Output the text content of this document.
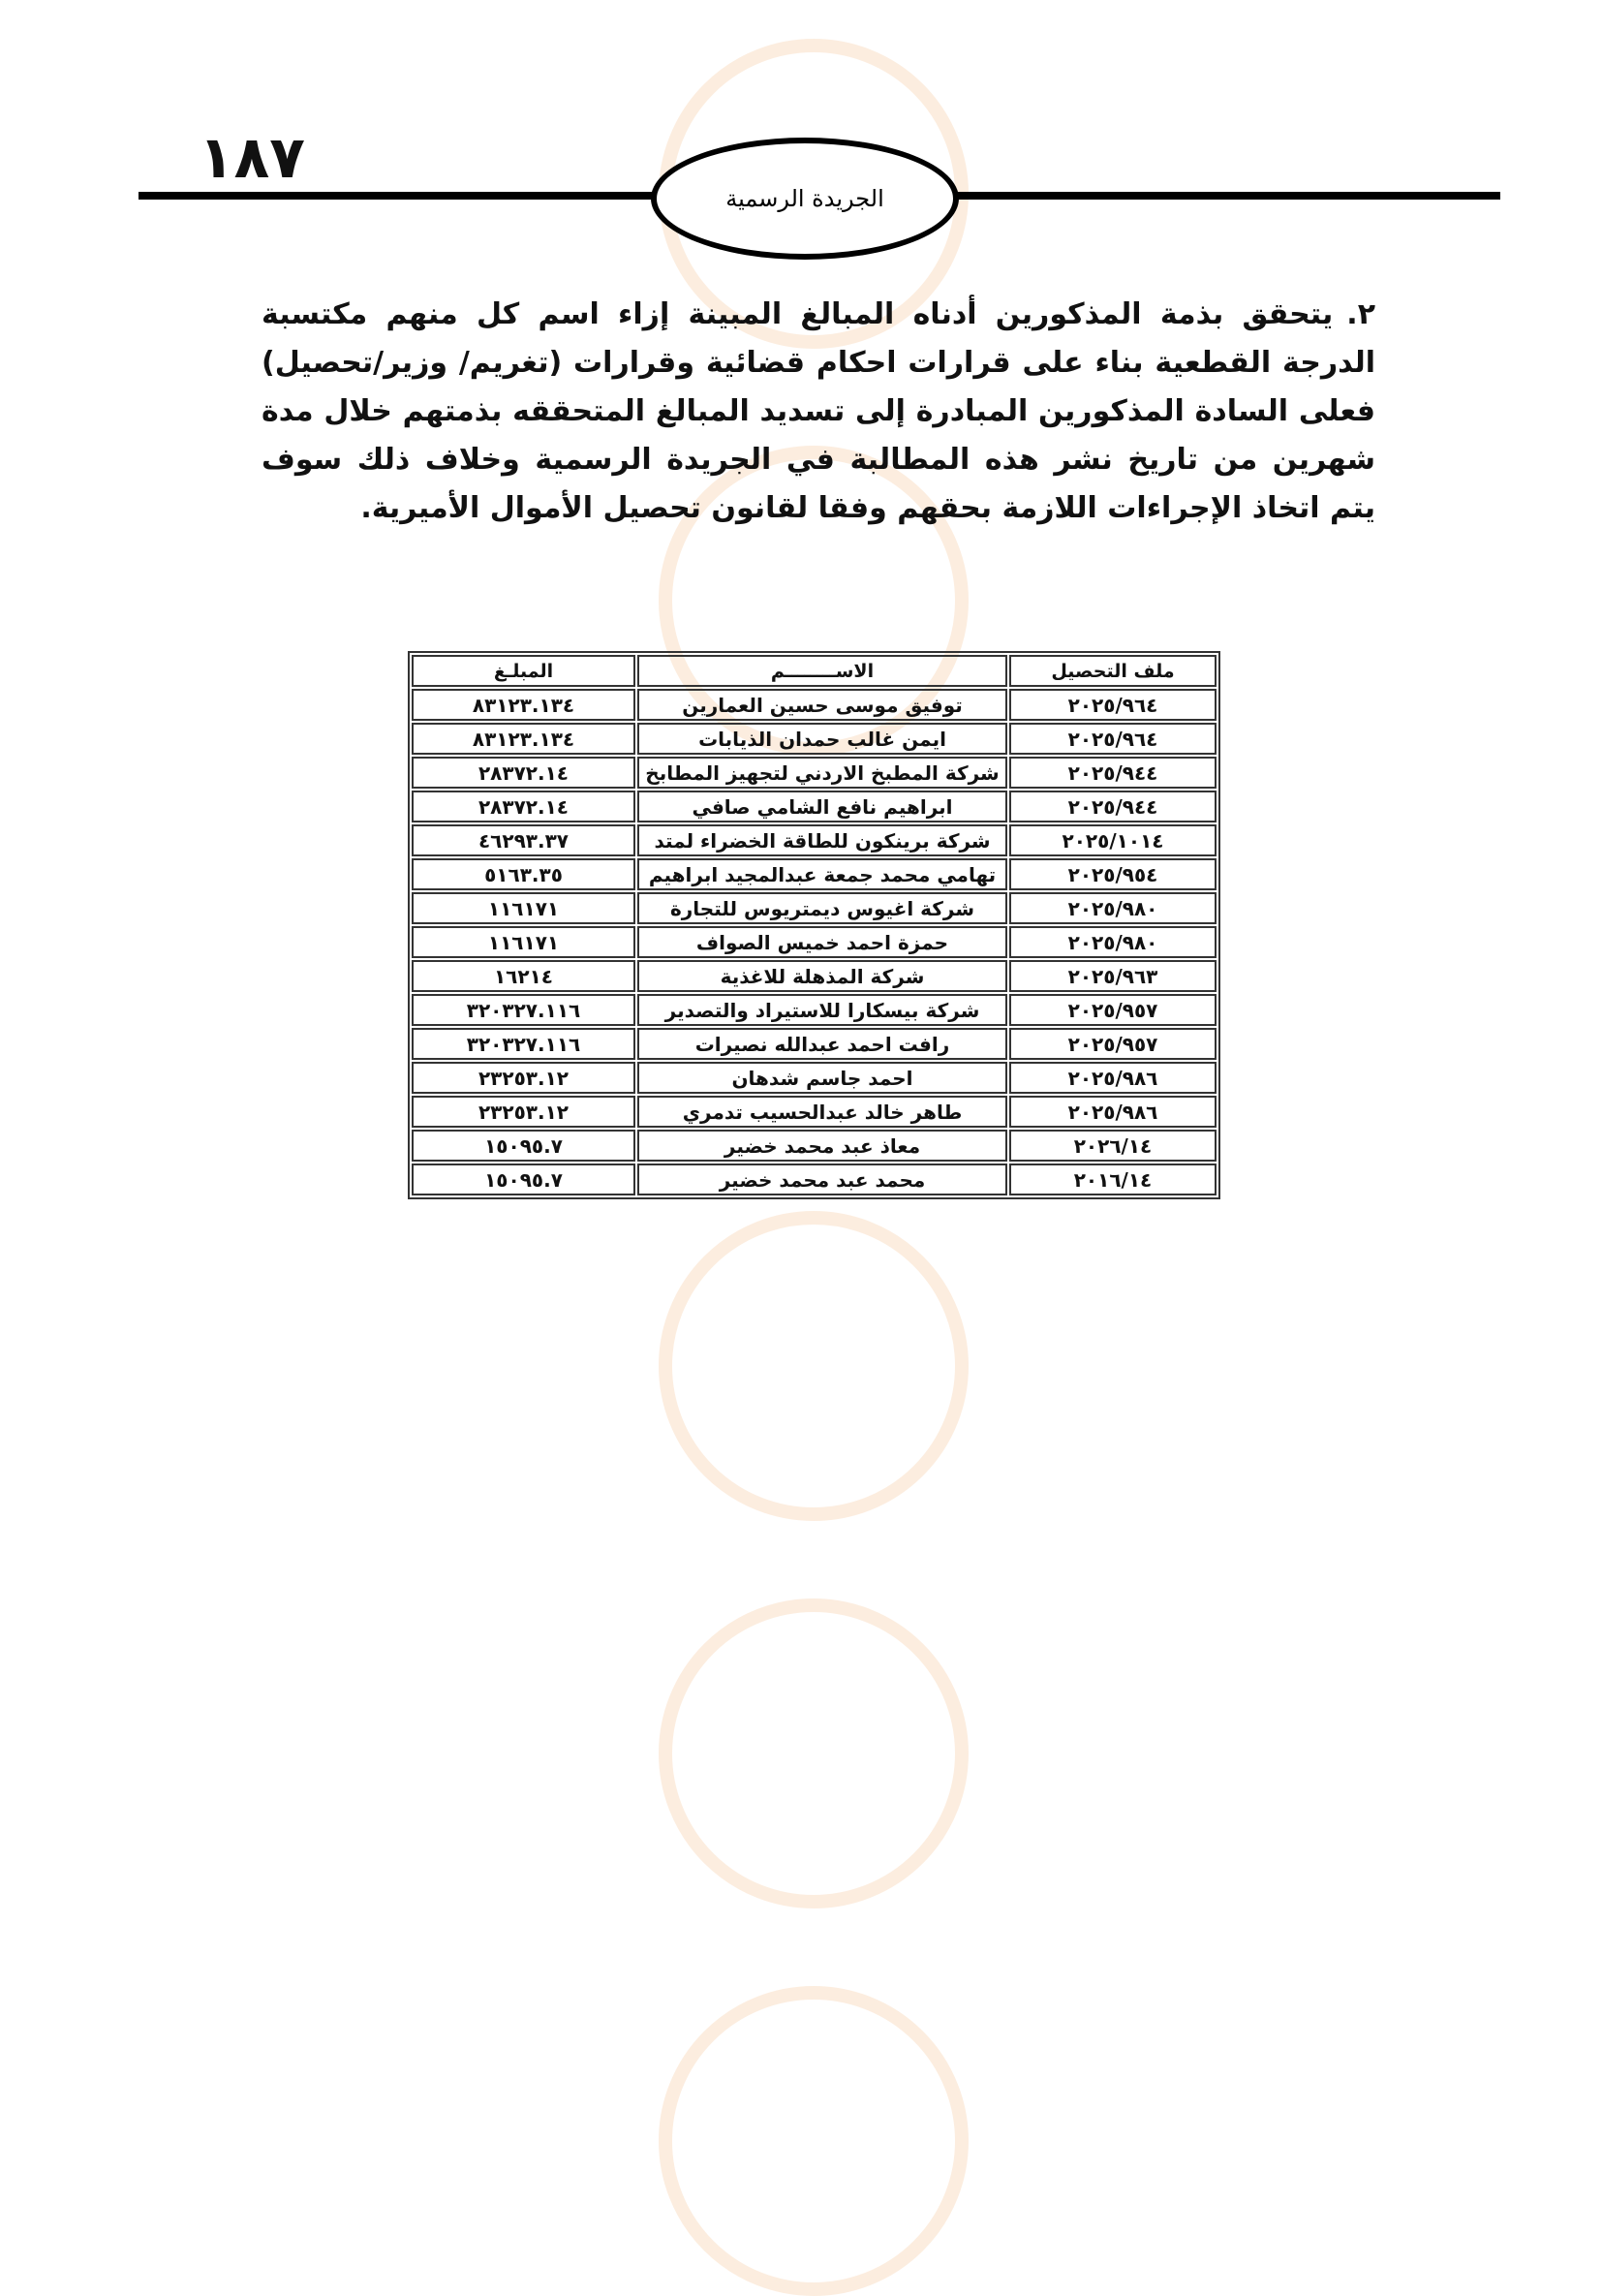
١٨٧
الجريدة الرسمية
٢.يتحقق بذمة المذكورين أدناه المبالغ المبينة إزاء اسم كل منهم مكتسبة الدرجة القطعية بناء على قرارات احكام قضائية وقرارات (تغريم/ وزير/تحصيل) فعلى السادة المذكورين المبادرة إلى تسديد المبالغ المتحققه بذمتهم خلال مدة شهرين من تاريخ نشر هذه المطالبة في الجريدة الرسمية وخلاف ذلك سوف يتم اتخاذ الإجراءات اللازمة بحقهم وفقا لقانون تحصيل الأموال الأميرية.
ملف التحصيل	الاســــــــم	المبلـغ
٢٠٢٥/٩٦٤	توفيق موسى حسين العمارين	٨٣١٢٣.١٣٤
٢٠٢٥/٩٦٤	ايمن غالب حمدان الذيابات	٨٣١٢٣.١٣٤
٢٠٢٥/٩٤٤	شركة المطبخ الاردني لتجهيز المطابخ	٢٨٣٧٢.١٤
٢٠٢٥/٩٤٤	ابراهيم نافع الشامي صافي	٢٨٣٧٢.١٤
٢٠٢٥/١٠١٤	شركة برينكون للطاقة الخضراء لمتد	٤٦٢٩٣.٣٧
٢٠٢٥/٩٥٤	تهامي محمد جمعة عبدالمجيد ابراهيم	٥١٦٣.٣٥
٢٠٢٥/٩٨٠	شركة اغيوس ديمتريوس للتجارة	١١٦١٧١
٢٠٢٥/٩٨٠	حمزة احمد خميس الصواف	١١٦١٧١
٢٠٢٥/٩٦٣	شركة المذهلة للاغذية	١٦٢١٤
٢٠٢٥/٩٥٧	شركة بيسكارا للاستيراد والتصدير	٣٢٠٣٢٧.١١٦
٢٠٢٥/٩٥٧	رافت احمد عبدالله نصيرات	٣٢٠٣٢٧.١١٦
٢٠٢٥/٩٨٦	احمد جاسم شدهان	٢٣٢٥٣.١٢
٢٠٢٥/٩٨٦	طاهر خالد عبدالحسيب تدمري	٢٣٢٥٣.١٢
٢٠٢٦/١٤	معاذ عبد محمد خضير	١٥٠٩٥.٧
٢٠١٦/١٤	محمد عبد محمد خضير	١٥٠٩٥.٧
